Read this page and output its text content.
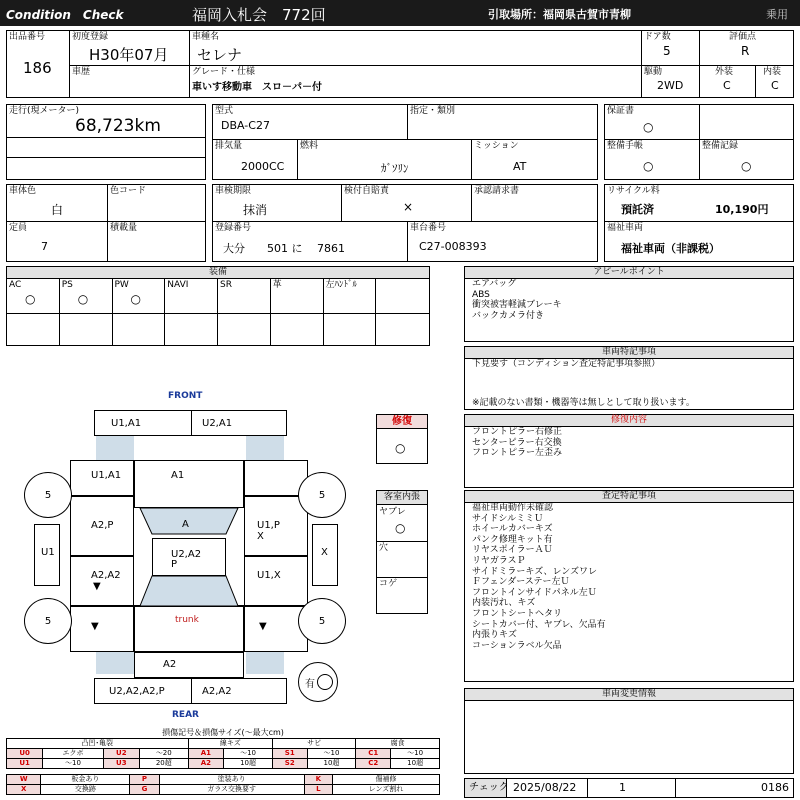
Condition　Check	福岡入札会　772回	引取場所：福岡県古賀市青柳	乗用
出品番号
186
初度登録
H30年07月
車種名
セレナ
ドア数
5
評価点
R
車歴	グレード・仕様
車いす移動車　スロ－パ－付
駆動
2WD
外装
C
内装
C
走行(現メーター)
68,723km
型式
DBA-C27
指定・類別
排気量
2000CC
燃料
ｶﾞｿﾘﾝ
ミッション
AT
保証書
○
整備手帳
○
整備記録
○
車体色
白
色コード
定員
7
積載量
車検期限
抹消
検付自賠責
×
承認請求書
登録番号
大分　　501 に　 7861
車台番号
C27-008393
リサイクル料
預託済	10,190円
福祉車両
福祉車両（非課税）
装備
AC
○
PS
○
PW
○
NAVI	SR	革	左ﾊﾝﾄﾞﾙ
アピールポイント
エアバッグ
ABS
衝突被害軽減ブレーキ
バックカメラ付き
車両特記事項
下見要す（コンディション査定特記事項参照）
※記載のない書類・機器等は無しとして取り扱います。
修復内容
フロントピラー右修正
センターピラー右交換
フロントピラー左歪み
査定特記事項
福祉車両動作未確認
サイドシルミミＵ
ホイールカバーキズ
パンク修理キット有
リヤスポイラーＡＵ
リヤガラスＰ
サイドミラーキズ、レンズワレ
Ｆフェンダーステー左Ｕ
フロントインサイドパネル左Ｕ
内装汚れ、キズ
フロントシートヘタリ
シートカバー付、ヤブレ、欠品有
内張りキズ
コーションラベル欠品
車両変更情報
チェック 2025/08/22	1	0186
FRONT
REAR
U1,A1	U2,A1
U1,A1	A1
A2,P	U1,P
X
A2,A2
▼
U1,X
A
U2,A2
P
U1	X
▼	▼
trunk
A2
U2,A2,A2,P	A2,A2
5	5
5	5
有
修復
○
客室内張
ヤブレ
○
穴
コゲ
損傷記号＆損傷サイズ(〜最大cm)
凸凹･亀裂				線キズ		サビ		腐食	
U0	エクボ	U2	〜20	A1	〜10	S1	〜10	C1	〜10
U1	〜10	U3	20超	A2	10超	S2	10超	C2	10超
W	板金あり	P	塗装あり	K	傷補修
X	交換跡	G	ガラス交換要す	L	レンズ割れ
